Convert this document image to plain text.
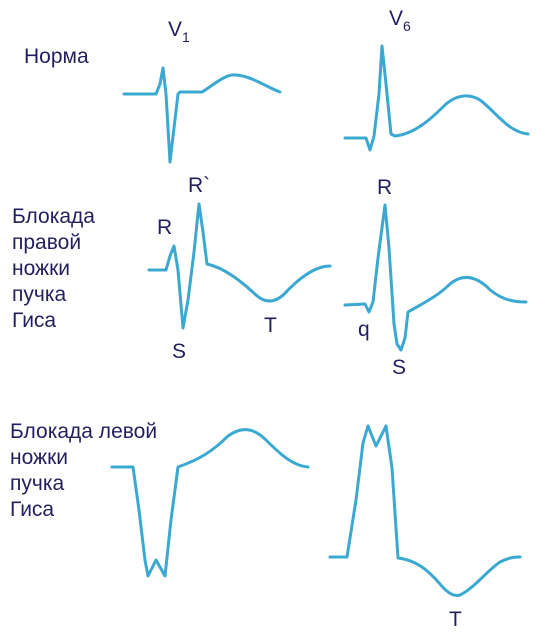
$V_1$
$V_6$
Норма
Блокада
правой
ножки
пучка
Гиса
Блокада левой
ножки
пучка
Гиса
R
R`
S
T
R
q
S
T
